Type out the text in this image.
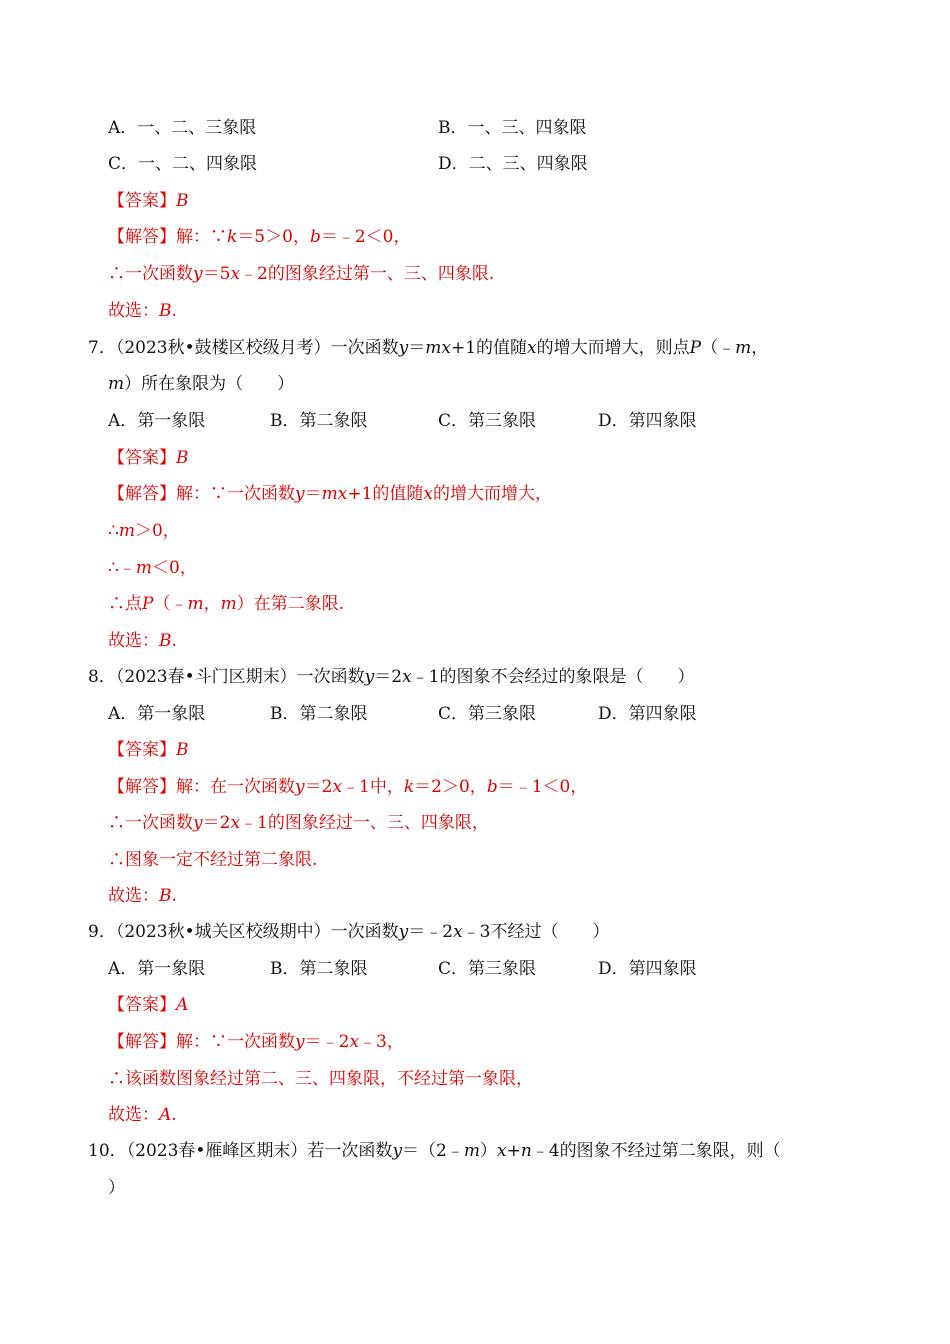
A．一、二、三象限	B．一、三、四象限
C．一、二、四象限	D．二、三、四象限
【答案】B
【解答】解：∵k＝5＞0，b＝﹣2＜0，
∴一次函数y＝5x﹣2的图象经过第一、三、四象限.
故选：B.
7．（2023秋•鼓楼区校级月考）一次函数y＝mx+1的值随x的增大而增大，则点P（﹣m，
m）所在象限为（　　）
A．第一象限	B．第二象限	C．第三象限	D．第四象限
【答案】B
【解答】解：∵一次函数y＝mx+1的值随x的增大而增大，
∴m＞0，
∴﹣m＜0，
∴点P（﹣m，m）在第二象限.
故选：B.
8．（2023春•斗门区期末）一次函数y＝2x﹣1的图象不会经过的象限是（　　）
A．第一象限	B．第二象限	C．第三象限	D．第四象限
【答案】B
【解答】解：在一次函数y＝2x﹣1中，k＝2＞0，b＝﹣1＜0，
∴一次函数y＝2x﹣1的图象经过一、三、四象限，
∴图象一定不经过第二象限.
故选：B.
9．（2023秋•城关区校级期中）一次函数y＝﹣2x﹣3不经过（　　）
A．第一象限	B．第二象限	C．第三象限	D．第四象限
【答案】A
【解答】解：∵一次函数y＝﹣2x﹣3，
∴该函数图象经过第二、三、四象限，不经过第一象限，
故选：A.
10．（2023春•雁峰区期末）若一次函数y＝（2﹣m）x+n﹣4的图象不经过第二象限，则（
）
